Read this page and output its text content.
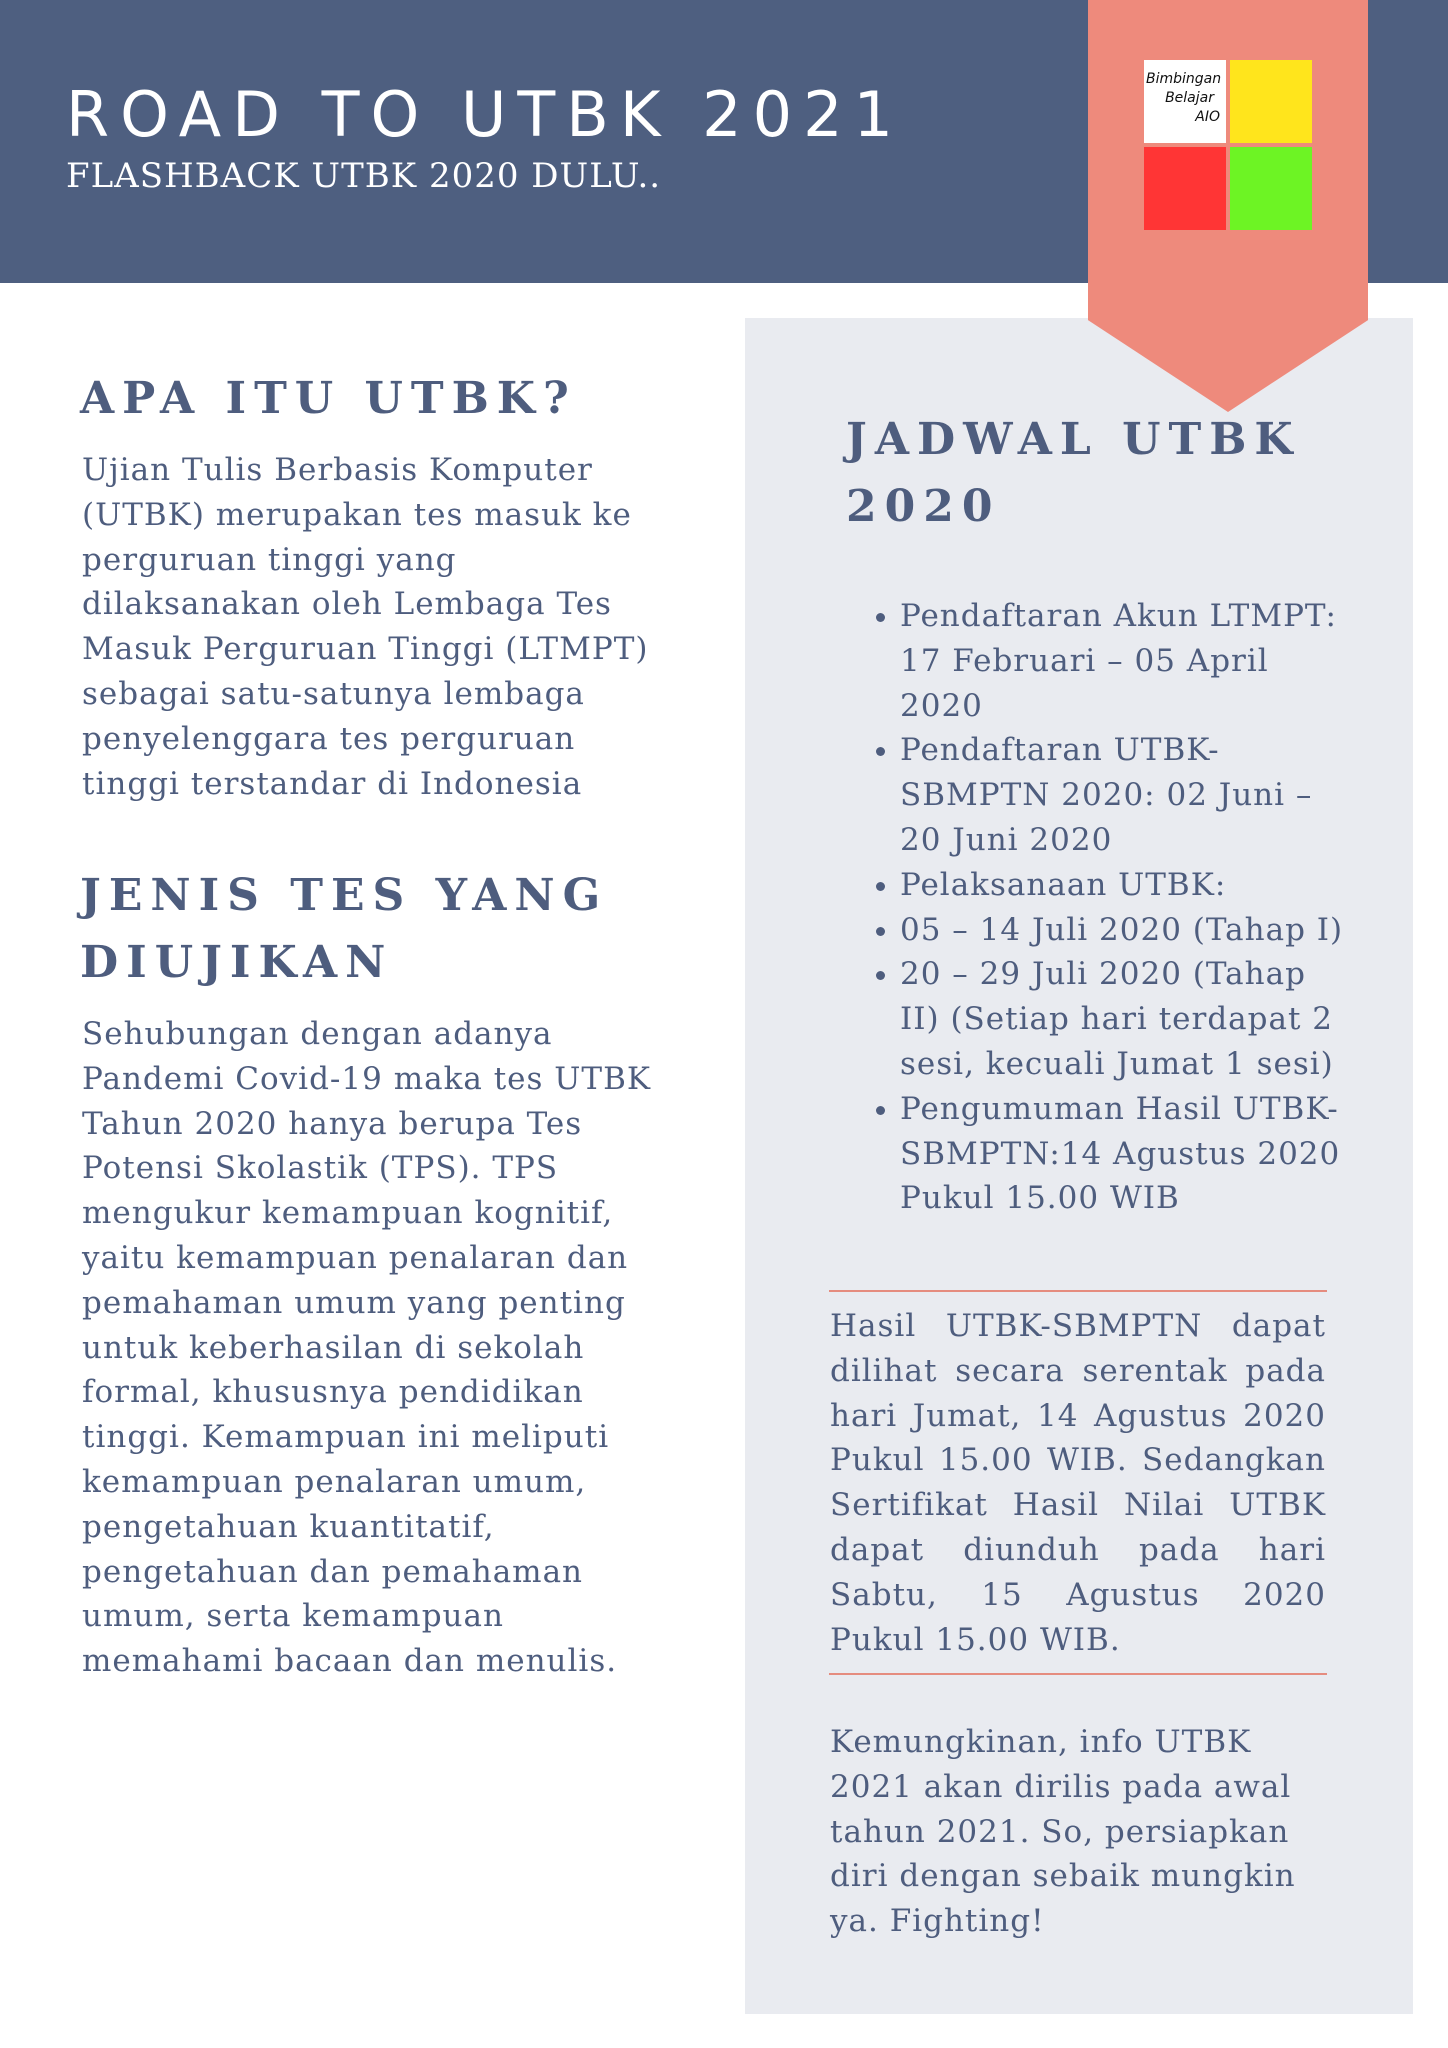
ROAD TO UTBK 2021

FLASHBACK UTBK 2020 DULU..

Bimbingan
Belajar
AIO
APA ITU UTBK?

Ujian Tulis Berbasis Komputer (UTBK) merupakan tes masuk ke perguruan tinggi yang dilaksanakan oleh Lembaga Tes Masuk Perguruan Tinggi (LTMPT) sebagai satu-satunya lembaga penyelenggara tes perguruan tinggi terstandar di Indonesia

JENIS TES YANG DIUJIKAN

Sehubungan dengan adanya Pandemi Covid-19 maka tes UTBK Tahun 2020 hanya berupa Tes Potensi Skolastik (TPS). TPS mengukur kemampuan kognitif, yaitu kemampuan penalaran dan pemahaman umum yang penting untuk keberhasilan di sekolah formal, khususnya pendidikan tinggi. Kemampuan ini meliputi kemampuan penalaran umum, pengetahuan kuantitatif, pengetahuan dan pemahaman umum, serta kemampuan memahami bacaan dan menulis.

JADWAL UTBK 2020
Pendaftaran Akun LTMPT: 17 Februari – 05 April 2020
Pendaftaran UTBK-SBMPTN 2020: 02 Juni – 20 Juni 2020
Pelaksanaan UTBK:
05 – 14 Juli 2020 (Tahap I)
20 – 29 Juli 2020 (Tahap II) (Setiap hari terdapat 2 sesi, kecuali Jumat 1 sesi)
Pengumuman Hasil UTBK-SBMPTN:14 Agustus 2020 Pukul 15.00 WIB

Hasil UTBK-SBMPTN dapat dilihat secara serentak pada hari Jumat, 14 Agustus 2020 Pukul 15.00 WIB. Sedangkan Sertifikat Hasil Nilai UTBK dapat diunduh pada hari Sabtu, 15 Agustus 2020 Pukul 15.00 WIB.

Kemungkinan, info UTBK 2021 akan dirilis pada awal tahun 2021. So, persiapkan diri dengan sebaik mungkin ya. Fighting!
